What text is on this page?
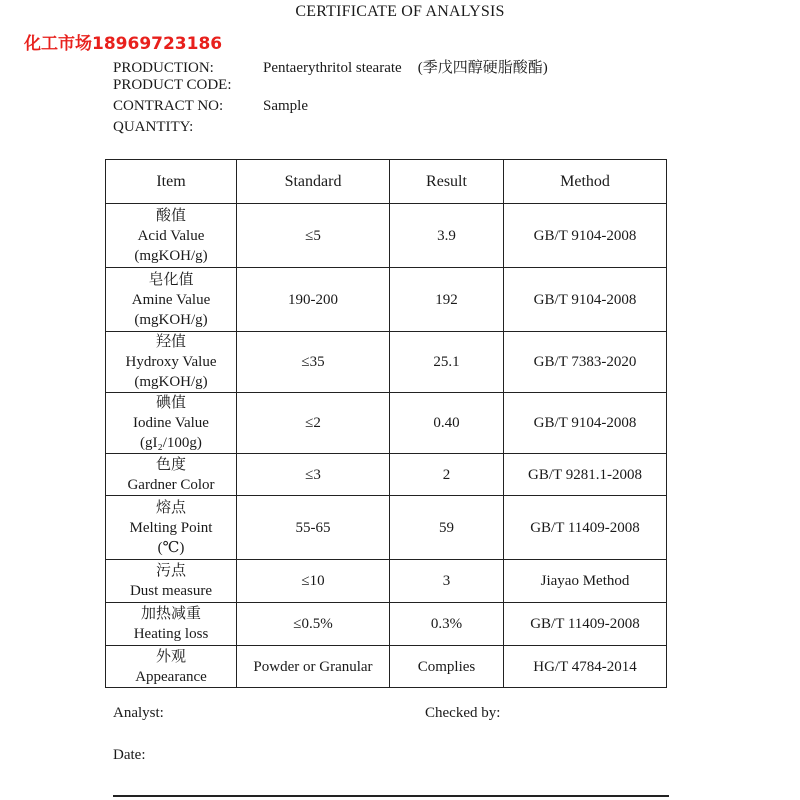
化工市场18969723186
CERTIFICATE OF ANALYSIS
PRODUCTION:	Pentaerythritol stearate (季戊四醇硬脂酸酯)
PRODUCT CODE:
CONTRACT NO:	Sample
QUANTITY:
Item	Standard	Result	Method

酸值
Acid Value
(mgKOH/g)	≤5	3.9	GB/T 9104-2008

皂化值
Amine Value
(mgKOH/g)	190-200	192	GB/T 9104-2008

羟值
Hydroxy Value
(mgKOH/g)	≤35	25.1	GB/T 7383-2020

碘值
Iodine Value
(gI₂/100g)	≤2	0.40	GB/T 9104-2008

色度
Gardner Color	≤3	2	GB/T 9281.1-2008

熔点
Melting Point
(℃)	55-65	59	GB/T 11409-2008

污点
Dust measure	≤10	3	Jiayao Method

加热减重
Heating loss	≤0.5%	0.3%	GB/T 11409-2008

外观
Appearance	Powder or Granular	Complies	HG/T 4784-2014
Analyst:	Checked by:
Date:
